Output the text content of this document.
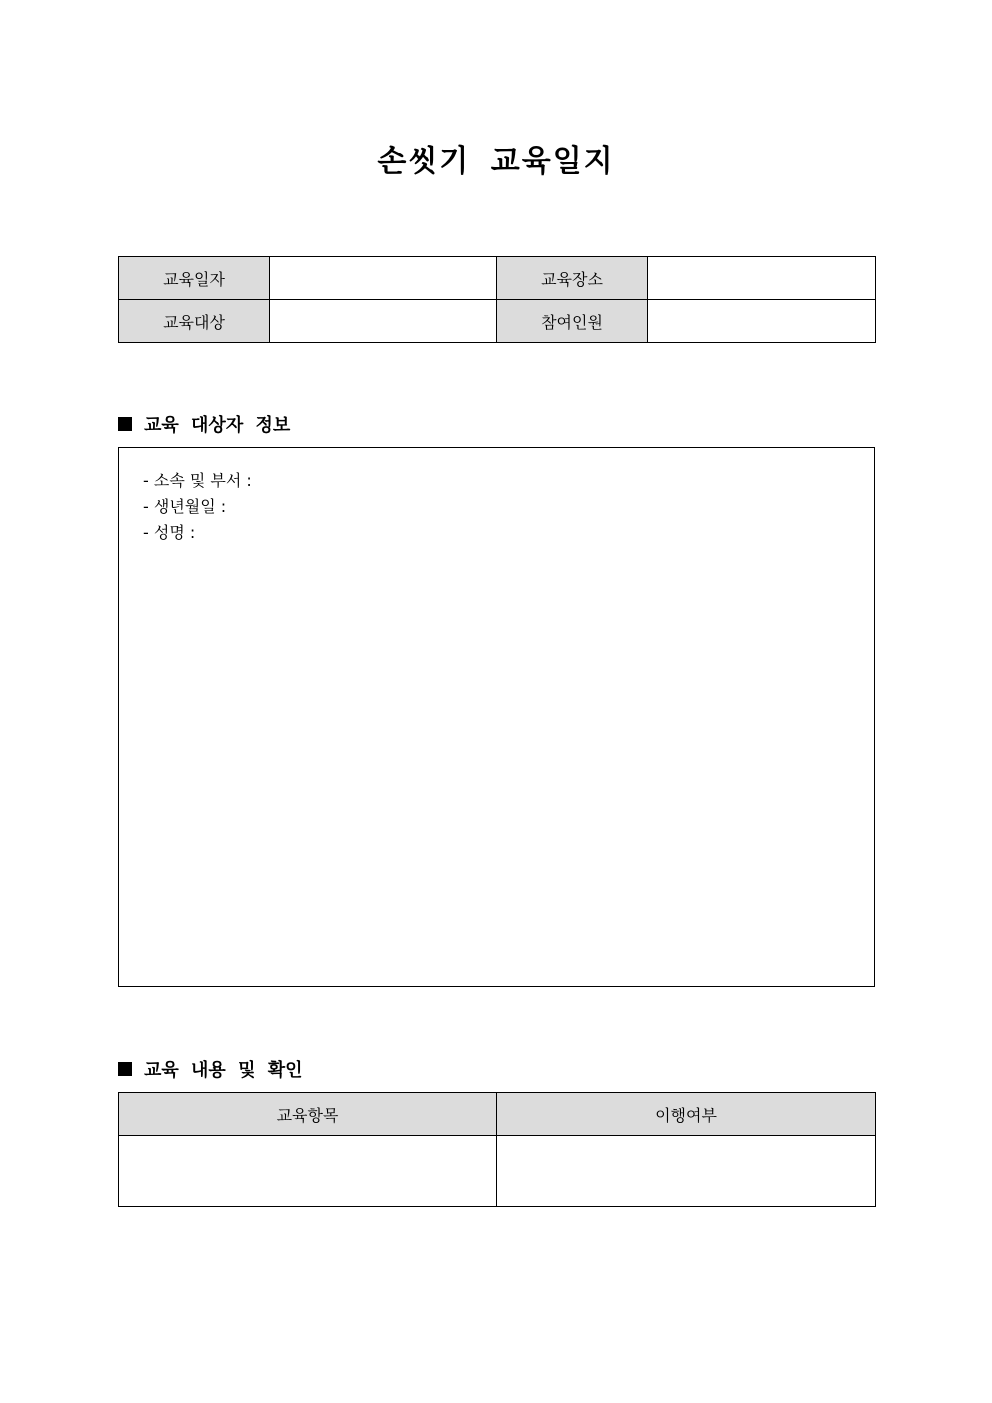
손씻기 교육일지
교육일자		교육장소	
교육대상		참여인원	
교육 대상자 정보
- 소속 및 부서 :
- 생년월일 :
- 성명 :
교육 내용 및 확인
교육항목	이행여부
